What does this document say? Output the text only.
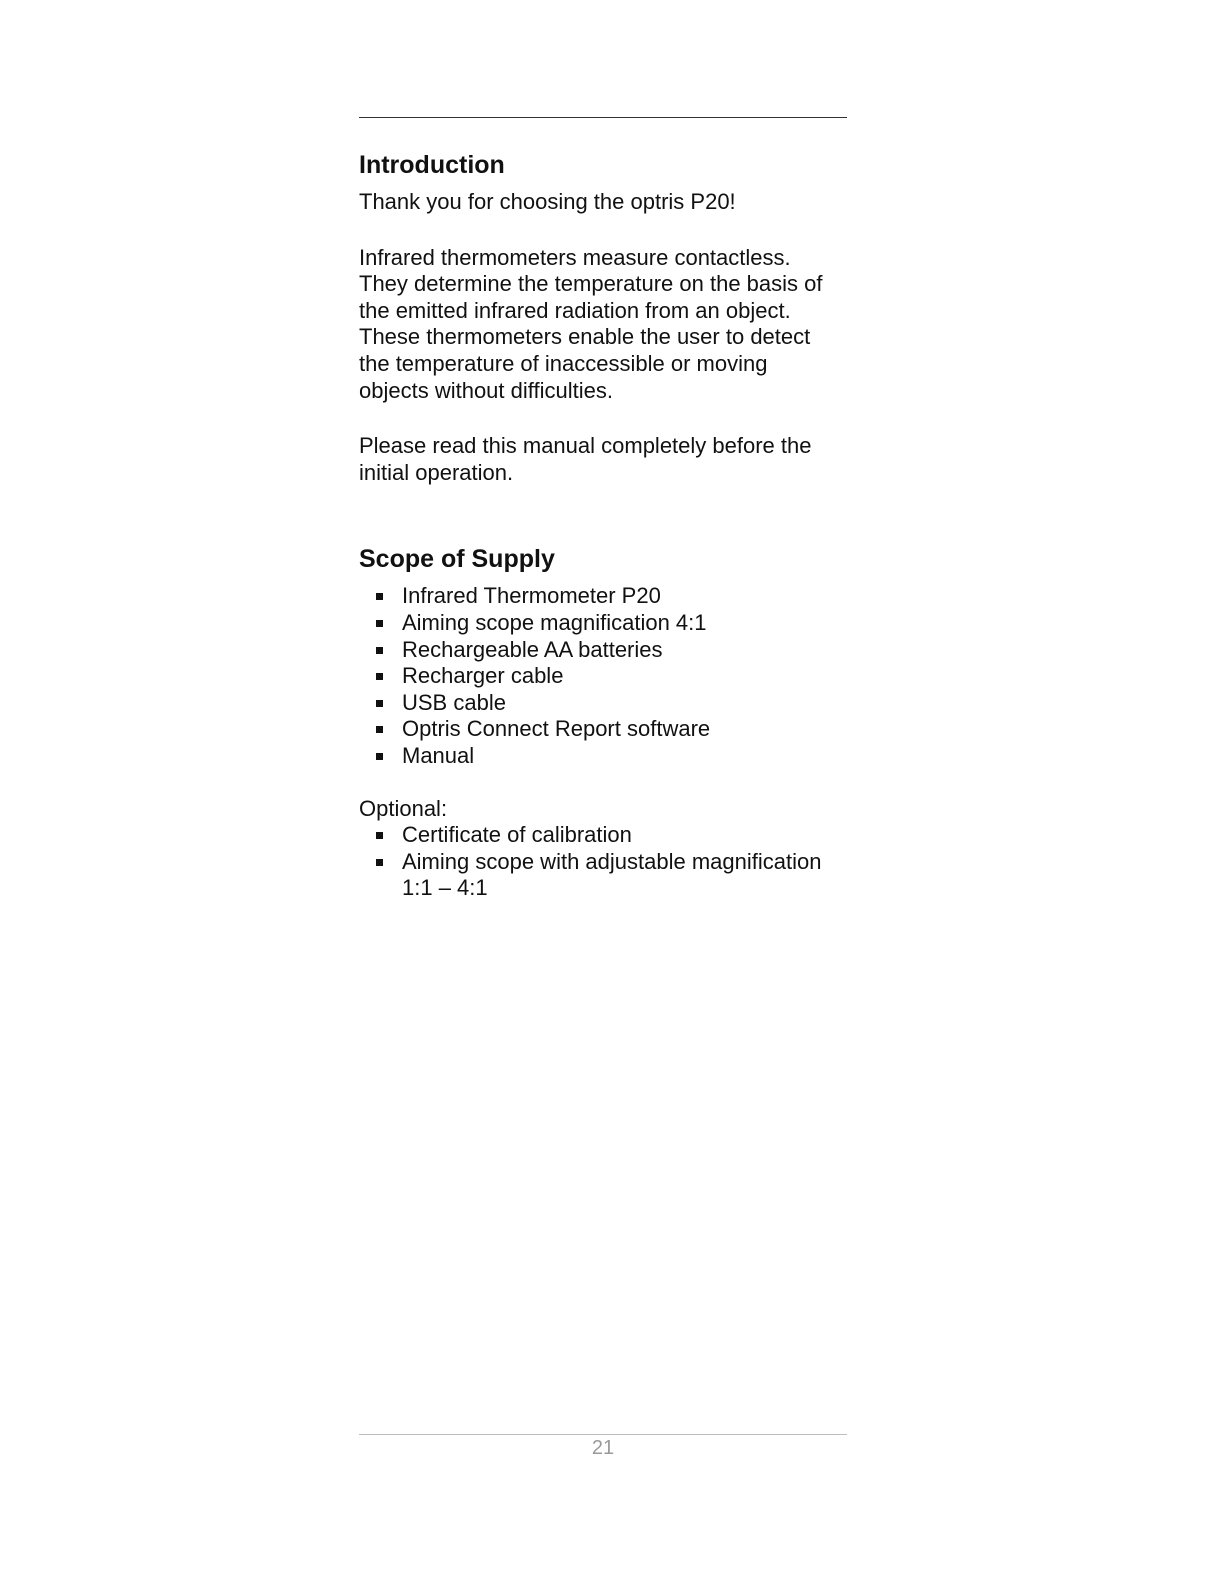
Introduction

Thank you for choosing the optris P20!

Infrared thermometers measure contactless.
They determine the temperature on the basis of
the emitted infrared radiation from an object.
These thermometers enable the user to detect
the temperature of inaccessible or moving
objects without difficulties.

Please read this manual completely before the
initial operation.

Scope of Supply
Infrared Thermometer P20
Aiming scope magnification 4:1
Rechargeable AA batteries
Recharger cable
USB cable
Optris Connect Report software
Manual

Optional:

Certificate of calibration
Aiming scope with adjustable magnification
1:1 – 4:1
21
